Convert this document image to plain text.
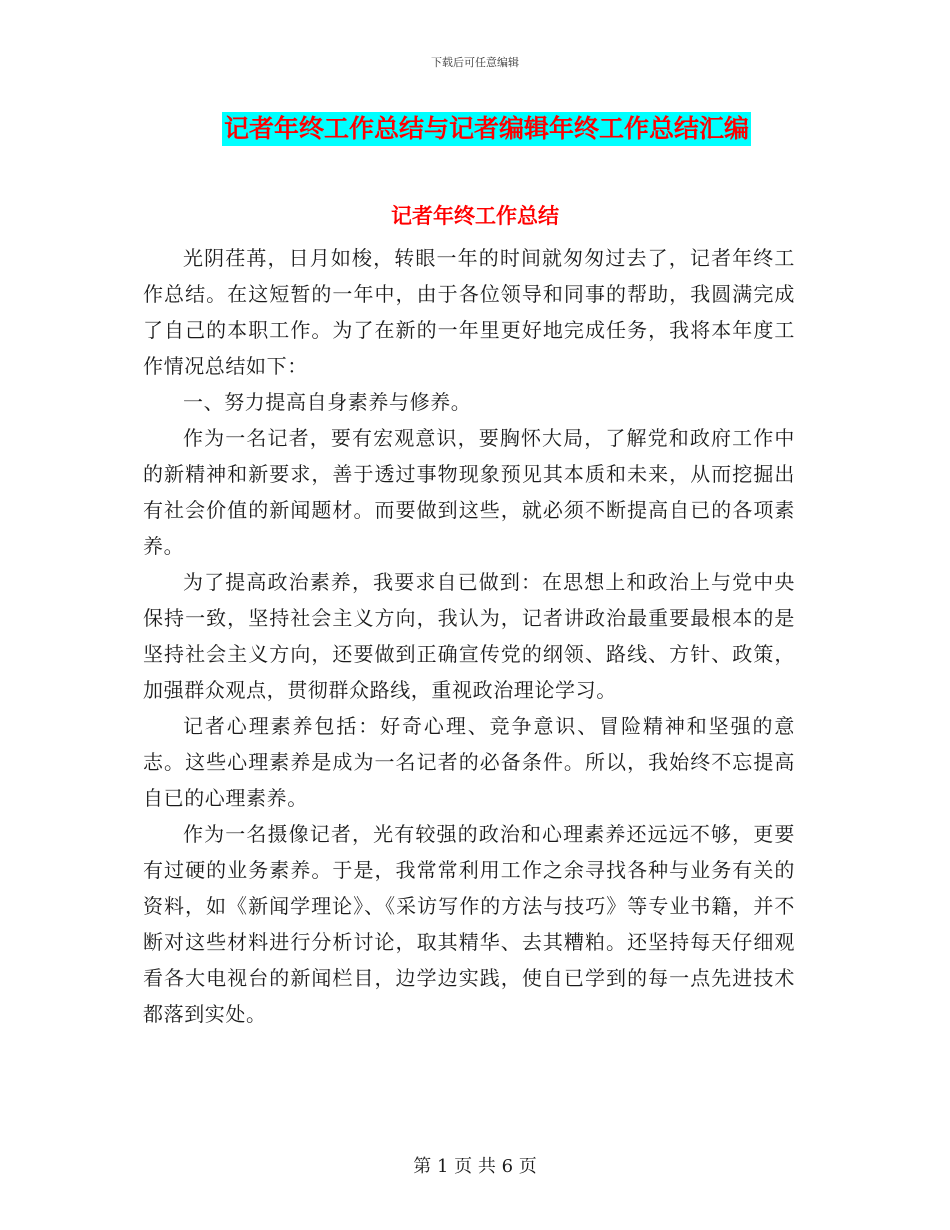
下载后可任意编辑
记者年终工作总结与记者编辑年终工作总结汇编
记者年终工作总结

光阴荏苒，日月如梭，转眼一年的时间就匆匆过去了，记者年终工作总结。在这短暂的一年中，由于各位领导和同事的帮助，我圆满完成了自己的本职工作。为了在新的一年里更好地完成任务，我将本年度工作情况总结如下：

一、努力提高自身素养与修养。

作为一名记者，要有宏观意识，要胸怀大局，了解党和政府工作中的新精神和新要求，善于透过事物现象预见其本质和未来，从而挖掘出有社会价值的新闻题材。而要做到这些，就必须不断提高自已的各项素养。

为了提高政治素养，我要求自已做到：在思想上和政治上与党中央保持一致，坚持社会主义方向，我认为，记者讲政治最重要最根本的是坚持社会主义方向，还要做到正确宣传党的纲领、路线、方针、政策，加强群众观点，贯彻群众路线，重视政治理论学习。

记者心理素养包括：好奇心理、竞争意识、冒险精神和坚强的意志。这些心理素养是成为一名记者的必备条件。所以，我始终不忘提高自已的心理素养。

作为一名摄像记者，光有较强的政治和心理素养还远远不够，更要有过硬的业务素养。于是，我常常利用工作之余寻找各种与业务有关的资料，如《新闻学理论》、《采访写作的方法与技巧》等专业书籍，并不断对这些材料进行分析讨论，取其精华、去其糟粕。还坚持每天仔细观看各大电视台的新闻栏目，边学边实践，使自已学到的每一点先进技术都落到实处。

第 1 页 共 6 页
